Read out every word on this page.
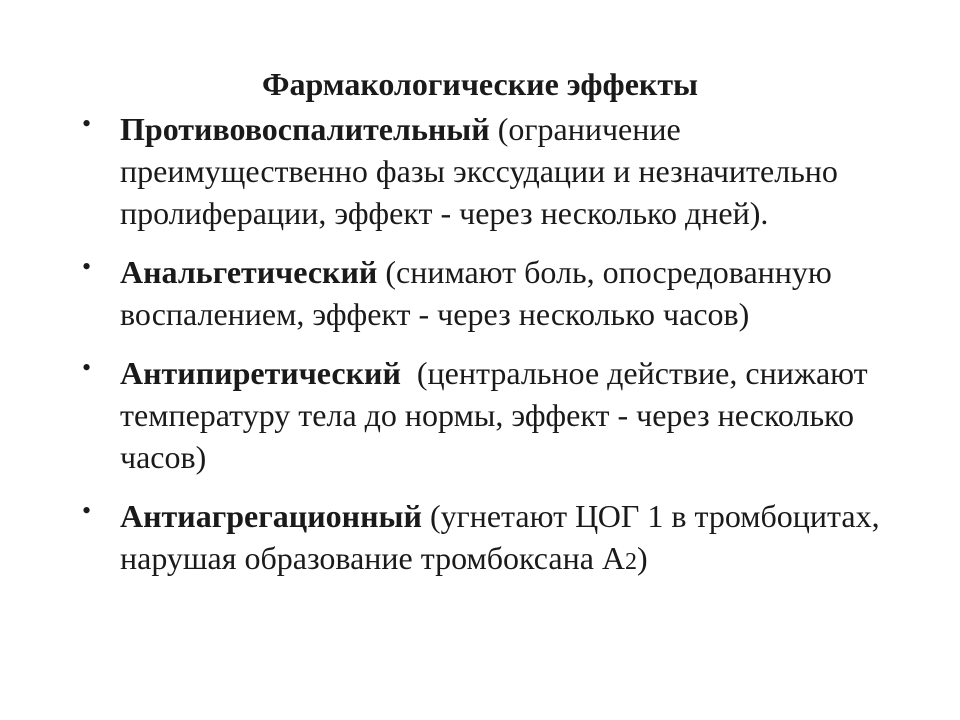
Фармакологические эффекты
• Противовоспалительный (ограничение преимущественно фазы экссудации и незначительно пролиферации, эффект - через несколько дней).
• Анальгетический (снимают боль, опосредованную воспалением, эффект - через несколько часов)
• Антипиретический  (центральное действие, снижают температуру тела до нормы, эффект - через несколько часов)
• Антиагрегационный (угнетают ЦОГ 1 в тромбоцитах, нарушая образование тромбоксана А2)
